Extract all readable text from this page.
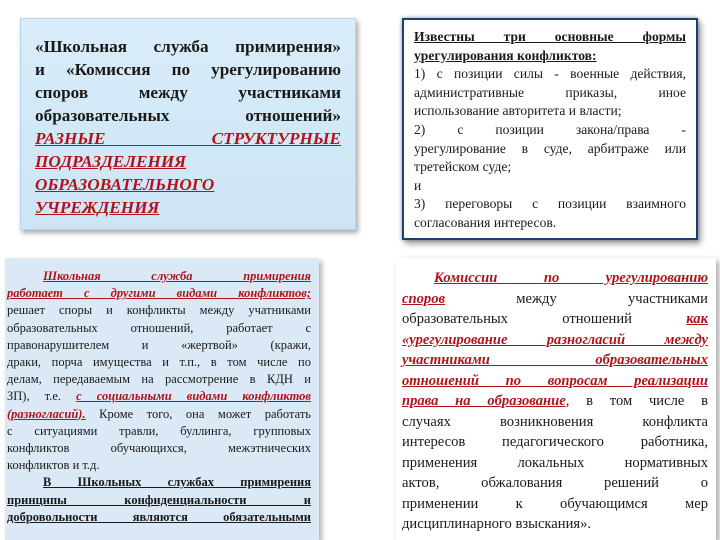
«Школьная служба примирения»
и «Комиссия по урегулированию
споров между участниками
образовательных отношений»
РАЗНЫЕ СТРУКТУРНЫЕ
ПОДРАЗДЕЛЕНИЯ
ОБРАЗОВАТЕЛЬНОГО
УЧРЕЖДЕНИЯ
Известны три основные формы
урегулирования конфликтов:
1) с позиции силы - военные действия,
административные приказы, иное
использование авторитета и власти;
2) с позиции закона/права -
урегулирование в суде, арбитраже или
третейском суде;
и
3) переговоры с позиции взаимного
согласования интересов.
Школьная служба примирения
работает с другими видами конфликтов;
решает споры и конфликты между учатниками
образовательных отношений, работает с
правонарушителем и «жертвой» (кражи,
драки, порча имущества и т.п., в том числе по
делам, передаваемым на рассмотрение в КДН и
ЗП), т.е. с социальными видами конфликтов
(разногласий). Кроме того, она может работать
с ситуациями травли, буллинга, групповых
конфликтов обучающихся, межэтнических
конфликтов и т.д.
В Школьных службах примирения
принципы конфиденциальности и
добровольности являются обязательными
Комиссии по урегулированию
споров	между участниками
образовательных отношений	как
«урегулирование разногласий между
участниками образовательных
отношений по вопросам реализации
права на образование, в том числе в
случаях возникновения конфликта
интересов педагогического работника,
применения локальных нормативных
актов, обжалования решений о
применении к обучающимся мер
дисциплинарного взыскания».
